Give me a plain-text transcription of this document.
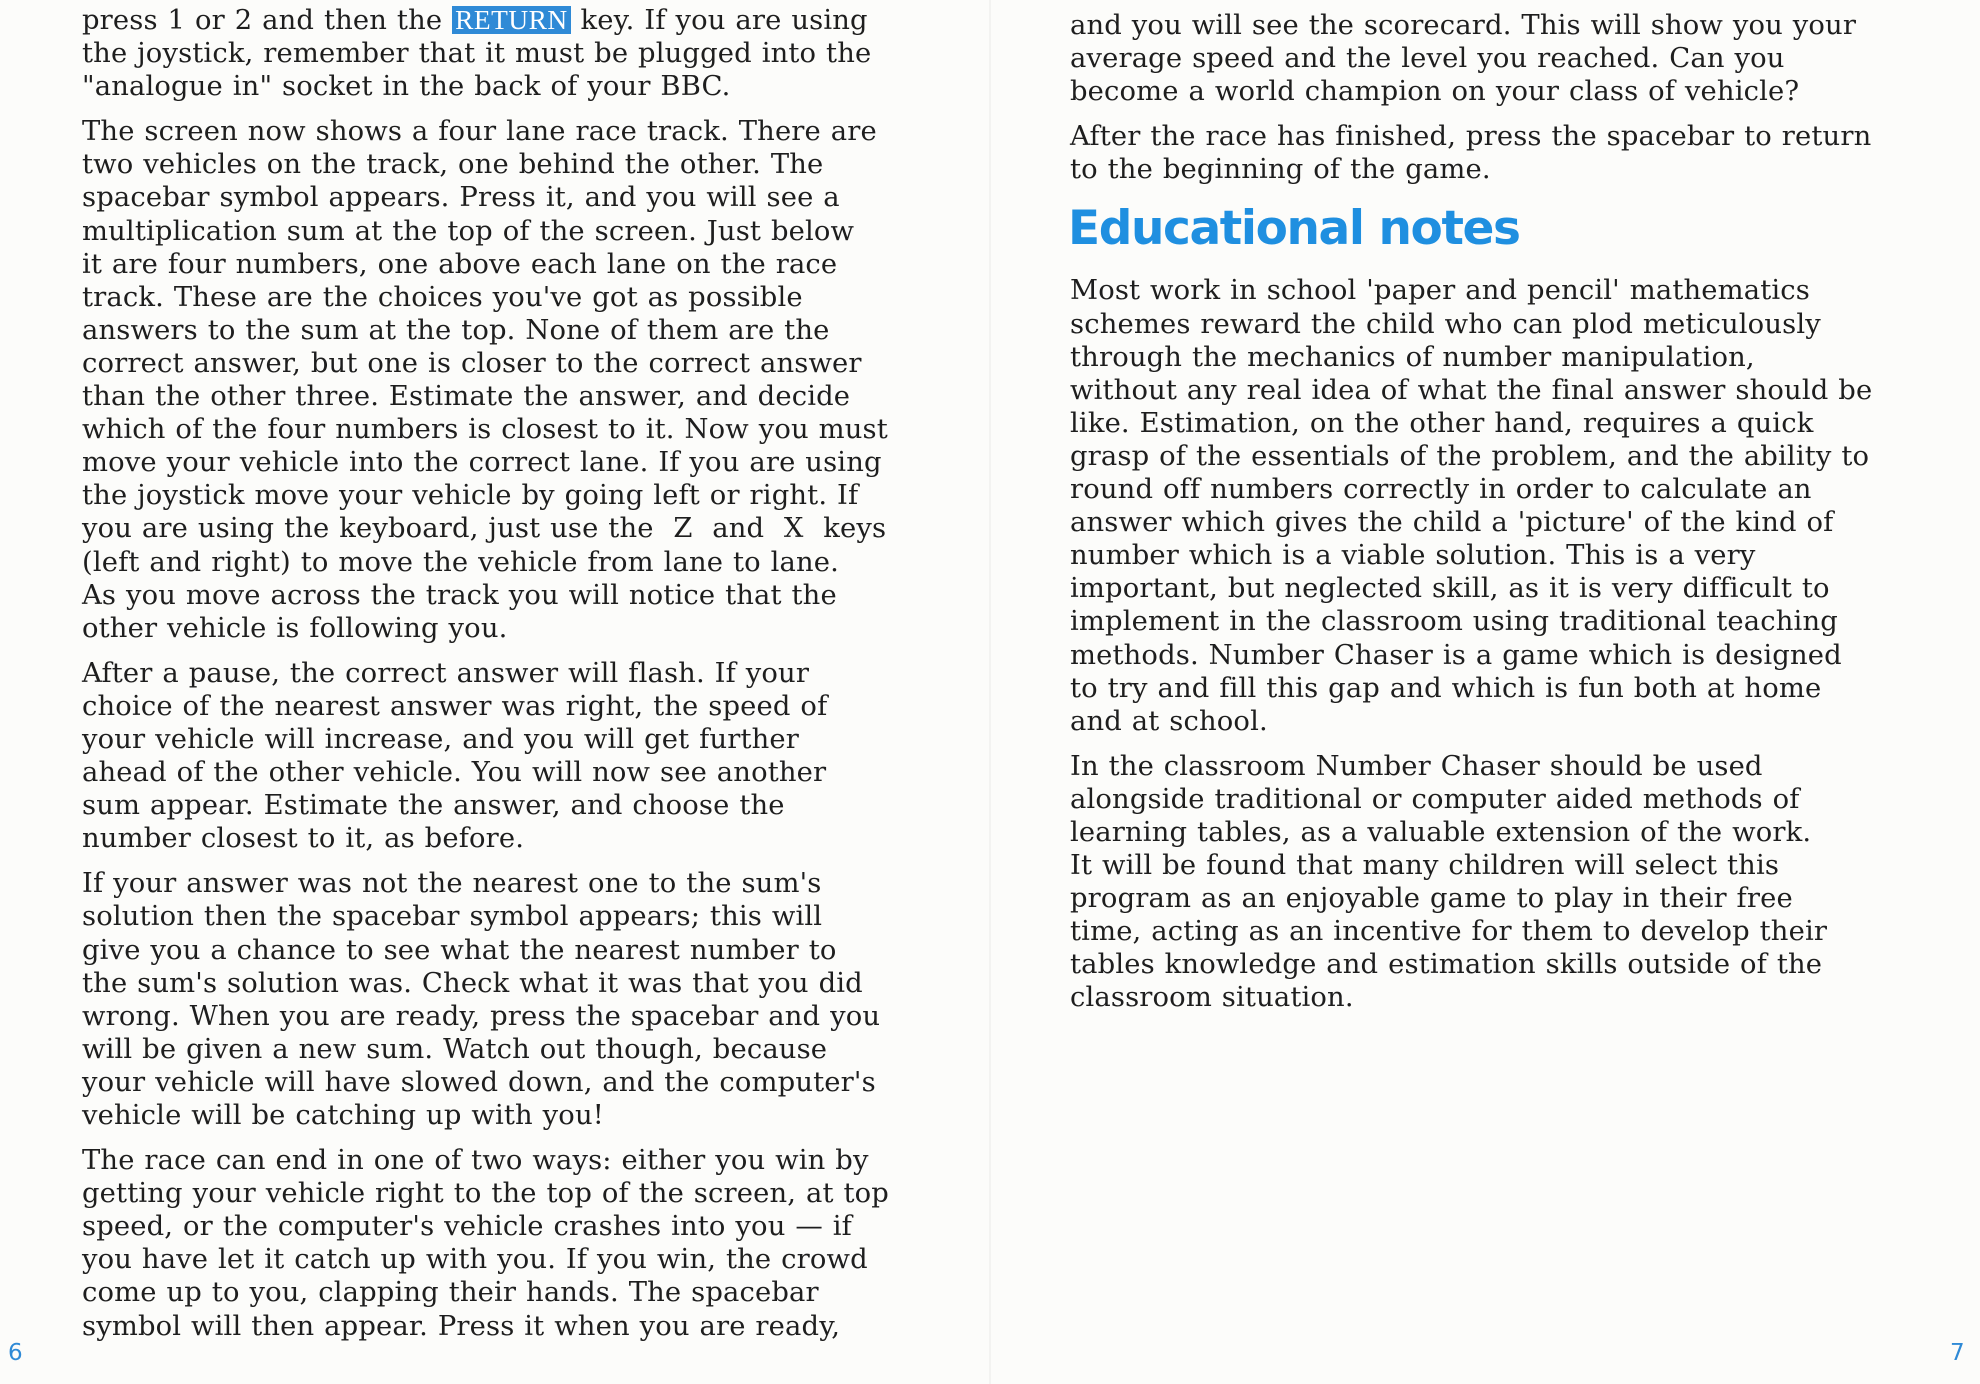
press 1 or 2 and then the RETURN key. If you are using
the joystick, remember that it must be plugged into the
"analogue in" socket in the back of your BBC.

The screen now shows a four lane race track. There are
two vehicles on the track, one behind the other. The
spacebar symbol appears. Press it, and you will see a
multiplication sum at the top of the screen. Just below
it are four numbers, one above each lane on the race
track. These are the choices you've got as possible
answers to the sum at the top. None of them are the
correct answer, but one is closer to the correct answer
than the other three. Estimate the answer, and decide
which of the four numbers is closest to it. Now you must
move your vehicle into the correct lane. If you are using
the joystick move your vehicle by going left or right. If
you are using the keyboard, just use the  Z  and  X  keys
(left and right) to move the vehicle from lane to lane.
As you move across the track you will notice that the
other vehicle is following you.

After a pause, the correct answer will flash. If your
choice of the nearest answer was right, the speed of
your vehicle will increase, and you will get further
ahead of the other vehicle. You will now see another
sum appear. Estimate the answer, and choose the
number closest to it, as before.

If your answer was not the nearest one to the sum's
solution then the spacebar symbol appears; this will
give you a chance to see what the nearest number to
the sum's solution was. Check what it was that you did
wrong. When you are ready, press the spacebar and you
will be given a new sum. Watch out though, because
your vehicle will have slowed down, and the computer's
vehicle will be catching up with you!

The race can end in one of two ways: either you win by
getting your vehicle right to the top of the screen, at top
speed, or the computer's vehicle crashes into you — if
you have let it catch up with you. If you win, the crowd
come up to you, clapping their hands. The spacebar
symbol will then appear. Press it when you are ready,

6

and you will see the scorecard. This will show you your
average speed and the level you reached. Can you
become a world champion on your class of vehicle?

After the race has finished, press the spacebar to return
to the beginning of the game.

Educational notes

Most work in school 'paper and pencil' mathematics
schemes reward the child who can plod meticulously
through the mechanics of number manipulation,
without any real idea of what the final answer should be
like. Estimation, on the other hand, requires a quick
grasp of the essentials of the problem, and the ability to
round off numbers correctly in order to calculate an
answer which gives the child a 'picture' of the kind of
number which is a viable solution. This is a very
important, but neglected skill, as it is very difficult to
implement in the classroom using traditional teaching
methods. Number Chaser is a game which is designed
to try and fill this gap and which is fun both at home
and at school.

In the classroom Number Chaser should be used
alongside traditional or computer aided methods of
learning tables, as a valuable extension of the work.
It will be found that many children will select this
program as an enjoyable game to play in their free
time, acting as an incentive for them to develop their
tables knowledge and estimation skills outside of the
classroom situation.

7
